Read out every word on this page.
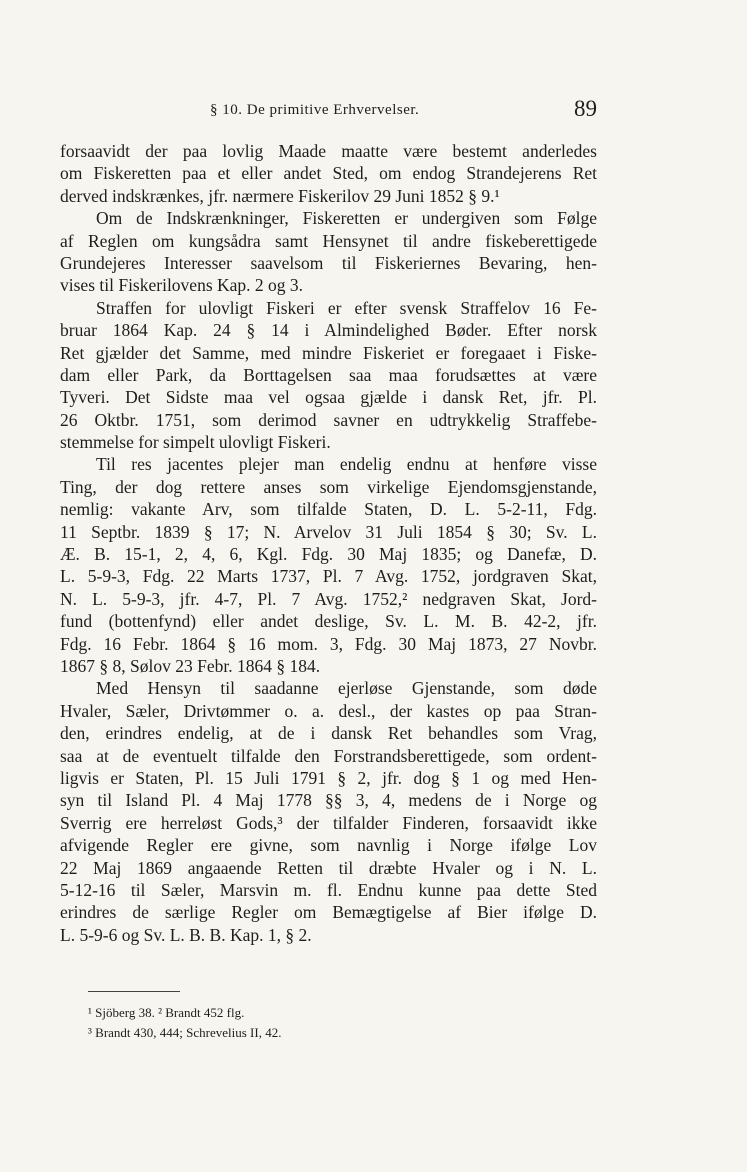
§ 10. De primitive Erhvervelser.	89
forsaavidt der paa lovlig Maade maatte være bestemt anderledes
om Fiskeretten paa et eller andet Sted, om endog Strandejerens Ret
derved indskrænkes, jfr. nærmere Fiskerilov 29 Juni 1852 § 9.¹
Om de Indskrænkninger, Fiskeretten er undergiven som Følge
af Reglen om kungsådra samt Hensynet til andre fiskeberettigede
Grundejeres Interesser saavelsom til Fiskeriernes Bevaring, hen-
vises til Fiskerilovens Kap. 2 og 3.
Straffen for ulovligt Fiskeri er efter svensk Straffelov 16 Fe-
bruar 1864 Kap. 24 § 14 i Almindelighed Bøder. Efter norsk
Ret gjælder det Samme, med mindre Fiskeriet er foregaaet i Fiske-
dam eller Park, da Borttagelsen saa maa forudsættes at være
Tyveri. Det Sidste maa vel ogsaa gjælde i dansk Ret, jfr. Pl.
26 Oktbr. 1751, som derimod savner en udtrykkelig Straffebe-
stemmelse for simpelt ulovligt Fiskeri.
Til res jacentes plejer man endelig endnu at henføre visse
Ting, der dog rettere anses som virkelige Ejendomsgjenstande,
nemlig: vakante Arv, som tilfalde Staten, D. L. 5-2-11, Fdg.
11 Septbr. 1839 § 17; N. Arvelov 31 Juli 1854 § 30; Sv. L.
Æ. B. 15-1, 2, 4, 6, Kgl. Fdg. 30 Maj 1835; og Danefæ, D.
L. 5-9-3, Fdg. 22 Marts 1737, Pl. 7 Avg. 1752, jordgraven Skat,
N. L. 5-9-3, jfr. 4-7, Pl. 7 Avg. 1752,² nedgraven Skat, Jord-
fund (bottenfynd) eller andet deslige, Sv. L. M. B. 42-2, jfr.
Fdg. 16 Febr. 1864 § 16 mom. 3, Fdg. 30 Maj 1873, 27 Novbr.
1867 § 8, Sølov 23 Febr. 1864 § 184.
Med Hensyn til saadanne ejerløse Gjenstande, som døde
Hvaler, Sæler, Drivtømmer o. a. desl., der kastes op paa Stran-
den, erindres endelig, at de i dansk Ret behandles som Vrag,
saa at de eventuelt tilfalde den Forstrandsberettigede, som ordent-
ligvis er Staten, Pl. 15 Juli 1791 § 2, jfr. dog § 1 og med Hen-
syn til Island Pl. 4 Maj 1778 §§ 3, 4, medens de i Norge og
Sverrig ere herreløst Gods,³ der tilfalder Finderen, forsaavidt ikke
afvigende Regler ere givne, som navnlig i Norge ifølge Lov
22 Maj 1869 angaaende Retten til dræbte Hvaler og i N. L.
5-12-16 til Sæler, Marsvin m. fl. Endnu kunne paa dette Sted
erindres de særlige Regler om Bemægtigelse af Bier ifølge D.
L. 5-9-6 og Sv. L. B. B. Kap. 1, § 2.
¹ Sjöberg 38. ² Brandt 452 flg.
³ Brandt 430, 444; Schrevelius II, 42.
